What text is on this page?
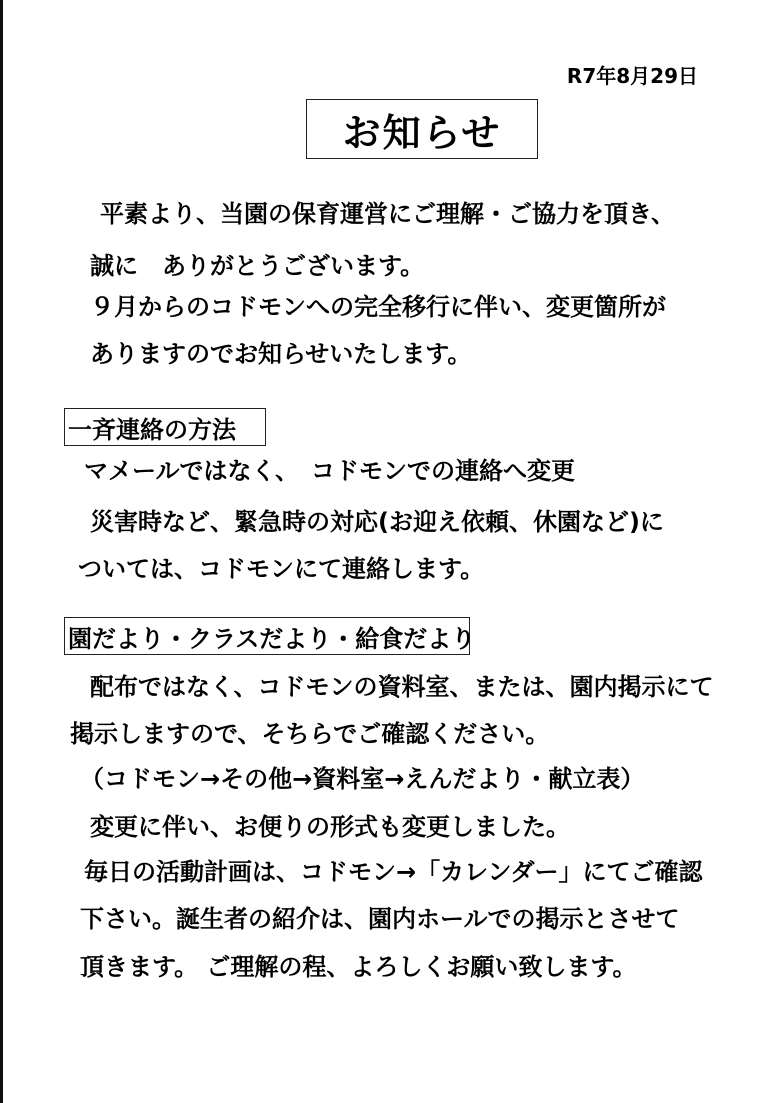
R7年8月29日
お知らせ
平素より、当園の保育運営にご理解・ご協力を頂き、
誠に　ありがとうございます。
９月からのコドモンへの完全移行に伴い、変更箇所が
ありますのでお知らせいたします。
一斉連絡の方法
マメールではなく、　コドモンでの連絡へ変更
災害時など、緊急時の対応(お迎え依頼、休園など)に
ついては、コドモンにて連絡します。
園だより・クラスだより・給食だより
配布ではなく、コドモンの資料室、または、園内掲示にて
掲示しますので、そちらでご確認ください。
（コドモン→その他→資料室→えんだより・献立表）
変更に伴い、お便りの形式も変更しました。
毎日の活動計画は、コドモン→「カレンダー」にてご確認
下さい。誕生者の紹介は、園内ホールでの掲示とさせて
頂きます。 ご理解の程、よろしくお願い致します。
